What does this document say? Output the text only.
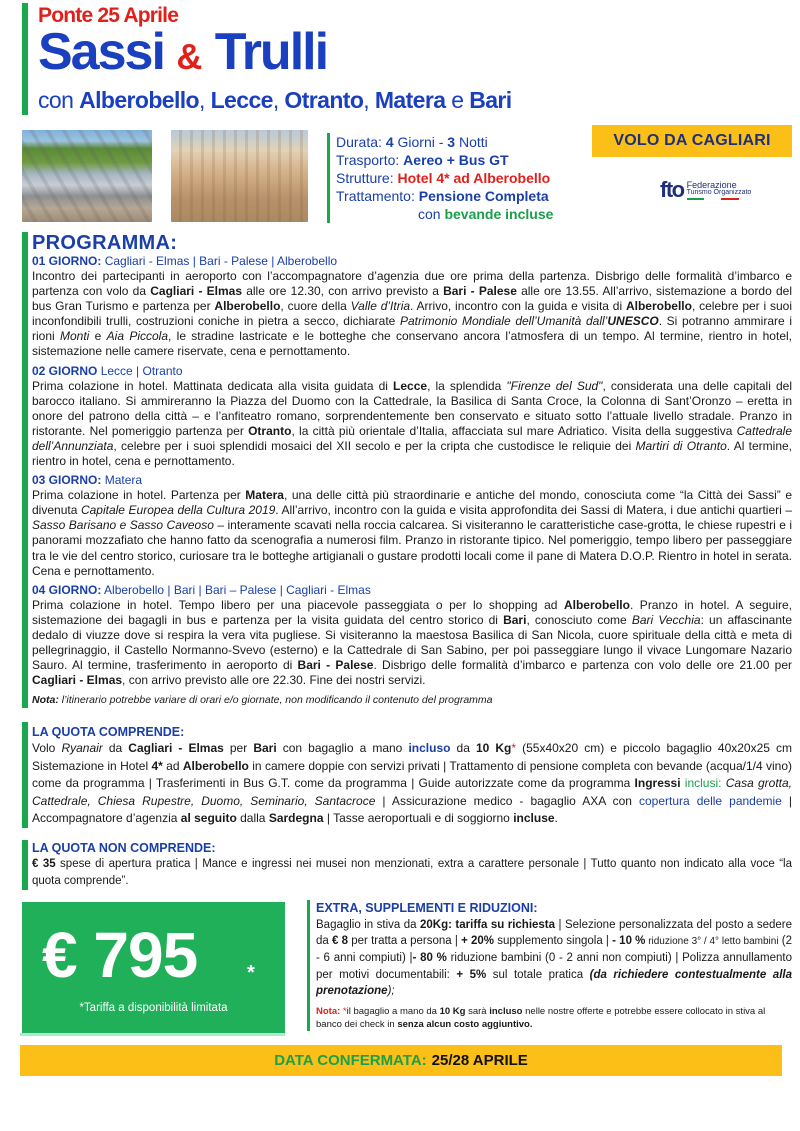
Ponte 25 Aprile
Sassi & Trulli
con Alberobello, Lecce, Otranto, Matera e Bari
Durata: 4 Giorni - 3 Notti
Trasporto: Aereo + Bus GT
Strutture: Hotel 4* ad Alberobello
Trattamento: Pensione Completa
con bevande incluse
VOLO DA CAGLIARI
fto Federazione
Turismo Organizzato
PROGRAMMA:
01 GIORNO: Cagliari - Elmas | Bari - Palese | Alberobello
Incontro dei partecipanti in aeroporto con l’accompagnatore d’agenzia due ore prima della partenza. Disbrigo delle formalità d’imbarco e partenza con volo da Cagliari - Elmas alle ore 12.30, con arrivo previsto a Bari - Palese alle ore 13.55. All’arrivo, sistemazione a bordo del bus Gran Turismo e partenza per Alberobello, cuore della Valle d’Itria. Arrivo, incontro con la guida e visita di Alberobello, celebre per i suoi inconfondibili trulli, costruzioni coniche in pietra a secco, dichiarate Patrimonio Mondiale dell’Umanità dall’UNESCO. Si potranno ammirare i rioni Monti e Aia Piccola, le stradine lastricate e le botteghe che conservano ancora l’atmosfera di un tempo. Al termine, rientro in hotel, sistemazione nelle camere riservate, cena e pernottamento.
02 GIORNO Lecce | Otranto
Prima colazione in hotel. Mattinata dedicata alla visita guidata di Lecce, la splendida "Firenze del Sud", considerata una delle capitali del barocco italiano. Si ammireranno la Piazza del Duomo con la Cattedrale, la Basilica di Santa Croce, la Colonna di Sant’Oronzo – eretta in onore del patrono della città – e l’anfiteatro romano, sorprendentemente ben conservato e situato sotto l’attuale livello stradale. Pranzo in ristorante. Nel pomeriggio partenza per Otranto, la città più orientale d’Italia, affacciata sul mare Adriatico. Visita della suggestiva Cattedrale dell’Annunziata, celebre per i suoi splendidi mosaici del XII secolo e per la cripta che custodisce le reliquie dei Martiri di Otranto. Al termine, rientro in hotel, cena e pernottamento.
03 GIORNO: Matera
Prima colazione in hotel. Partenza per Matera, una delle città più straordinarie e antiche del mondo, conosciuta come “la Città dei Sassi” e divenuta Capitale Europea della Cultura 2019. All’arrivo, incontro con la guida e visita approfondita dei Sassi di Matera, i due antichi quartieri – Sasso Barisano e Sasso Caveoso – interamente scavati nella roccia calcarea. Si visiteranno le caratteristiche case-grotta, le chiese rupestri e i panorami mozzafiato che hanno fatto da scenografia a numerosi film. Pranzo in ristorante tipico. Nel pomeriggio, tempo libero per passeggiare tra le vie del centro storico, curiosare tra le botteghe artigianali o gustare prodotti locali come il pane di Matera D.O.P. Rientro in hotel in serata. Cena e pernottamento.
04 GIORNO: Alberobello | Bari | Bari – Palese | Cagliari - Elmas
Prima colazione in hotel. Tempo libero per una piacevole passeggiata o per lo shopping ad Alberobello. Pranzo in hotel. A seguire, sistemazione dei bagagli in bus e partenza per la visita guidata del centro storico di Bari, conosciuto come Bari Vecchia: un affascinante dedalo di viuzze dove si respira la vera vita pugliese. Si visiteranno la maestosa Basilica di San Nicola, cuore spirituale della città e meta di pellegrinaggio, il Castello Normanno-Svevo (esterno) e la Cattedrale di San Sabino, per poi passeggiare lungo il vivace Lungomare Nazario Sauro. Al termine, trasferimento in aeroporto di Bari - Palese. Disbrigo delle formalità d’imbarco e partenza con volo delle ore 21.00 per Cagliari - Elmas, con arrivo previsto alle ore 22.30. Fine dei nostri servizi.
Nota: l’itinerario potrebbe variare di orari e/o giornate, non modificando il contenuto del programma
LA QUOTA COMPRENDE:
Volo Ryanair da Cagliari - Elmas per Bari con bagaglio a mano incluso da 10 Kg* (55x40x20 cm) e piccolo bagaglio 40x20x25 cm Sistemazione in Hotel 4* ad Alberobello in camere doppie con servizi privati | Trattamento di pensione completa con bevande (acqua/1/4 vino) come da programma | Trasferimenti in Bus G.T. come da programma | Guide autorizzate come da programma Ingressi inclusi: Casa grotta, Cattedrale, Chiesa Rupestre, Duomo, Seminario, Santacroce | Assicurazione medico - bagaglio AXA con copertura delle pandemie | Accompagnatore d’agenzia al seguito dalla Sardegna | Tasse aeroportuali e di soggiorno incluse.
LA QUOTA NON COMPRENDE:
€ 35 spese di apertura pratica | Mance e ingressi nei musei non menzionati, extra a carattere personale | Tutto quanto non indicato alla voce “la quota comprende”.
€ 795 *
*Tariffa a disponibilità limitata
EXTRA, SUPPLEMENTI E RIDUZIONI:
Bagaglio in stiva da 20Kg: tariffa su richiesta | Selezione personalizzata del posto a sedere da € 8 per tratta a persona | + 20% supplemento singola | - 10 % riduzione 3° / 4° letto bambini (2 - 6 anni compiuti) |- 80 % riduzione bambini (0 - 2 anni non compiuti) | Polizza annullamento per motivi documentabili: + 5% sul totale pratica (da richiedere contestualmente alla prenotazione);
Nota: *il bagaglio a mano da 10 Kg sarà incluso nelle nostre offerte e potrebbe essere collocato in stiva al banco dei check in senza alcun costo aggiuntivo.
DATA CONFERMATA: 25/28 APRILE
